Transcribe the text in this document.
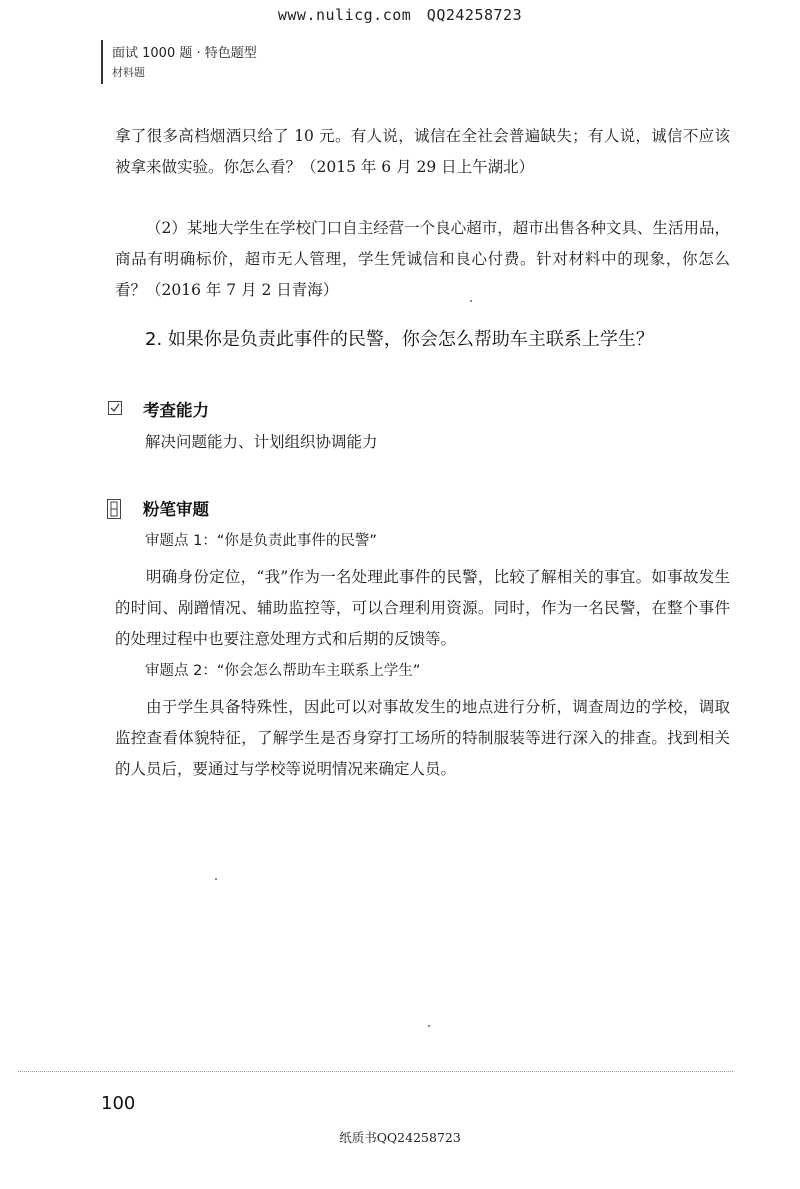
www.nulicg.com　QQ24258723
面试 1000 题 · 特色题型
材料题

拿了很多高档烟酒只给了 10 元。有人说，诚信在全社会普遍缺失；有人说，诚信不应该被拿来做实验。你怎么看？（2015 年 6 月 29 日上午湖北）

（2）某地大学生在学校门口自主经营一个良心超市，超市出售各种文具、生活用品，商品有明确标价，超市无人管理，学生凭诚信和良心付费。针对材料中的现象，你怎么看？（2016 年 7 月 2 日青海）

2. 如果你是负责此事件的民警，你会怎么帮助车主联系上学生？
考查能力

解决问题能力、计划组织协调能力

粉笔审题
审题点 1：“你是负责此事件的民警”

明确身份定位，“我”作为一名处理此事件的民警，比较了解相关的事宜。如事故发生的时间、剐蹭情况、辅助监控等，可以合理利用资源。同时，作为一名民警，在整个事件的处理过程中也要注意处理方式和后期的反馈等。

审题点 2：“你会怎么帮助车主联系上学生”

由于学生具备特殊性，因此可以对事故发生的地点进行分析，调查周边的学校，调取监控查看体貌特征，了解学生是否身穿打工场所的特制服装等进行深入的排查。找到相关的人员后，要通过与学校等说明情况来确定人员。

100
纸质书QQ24258723
